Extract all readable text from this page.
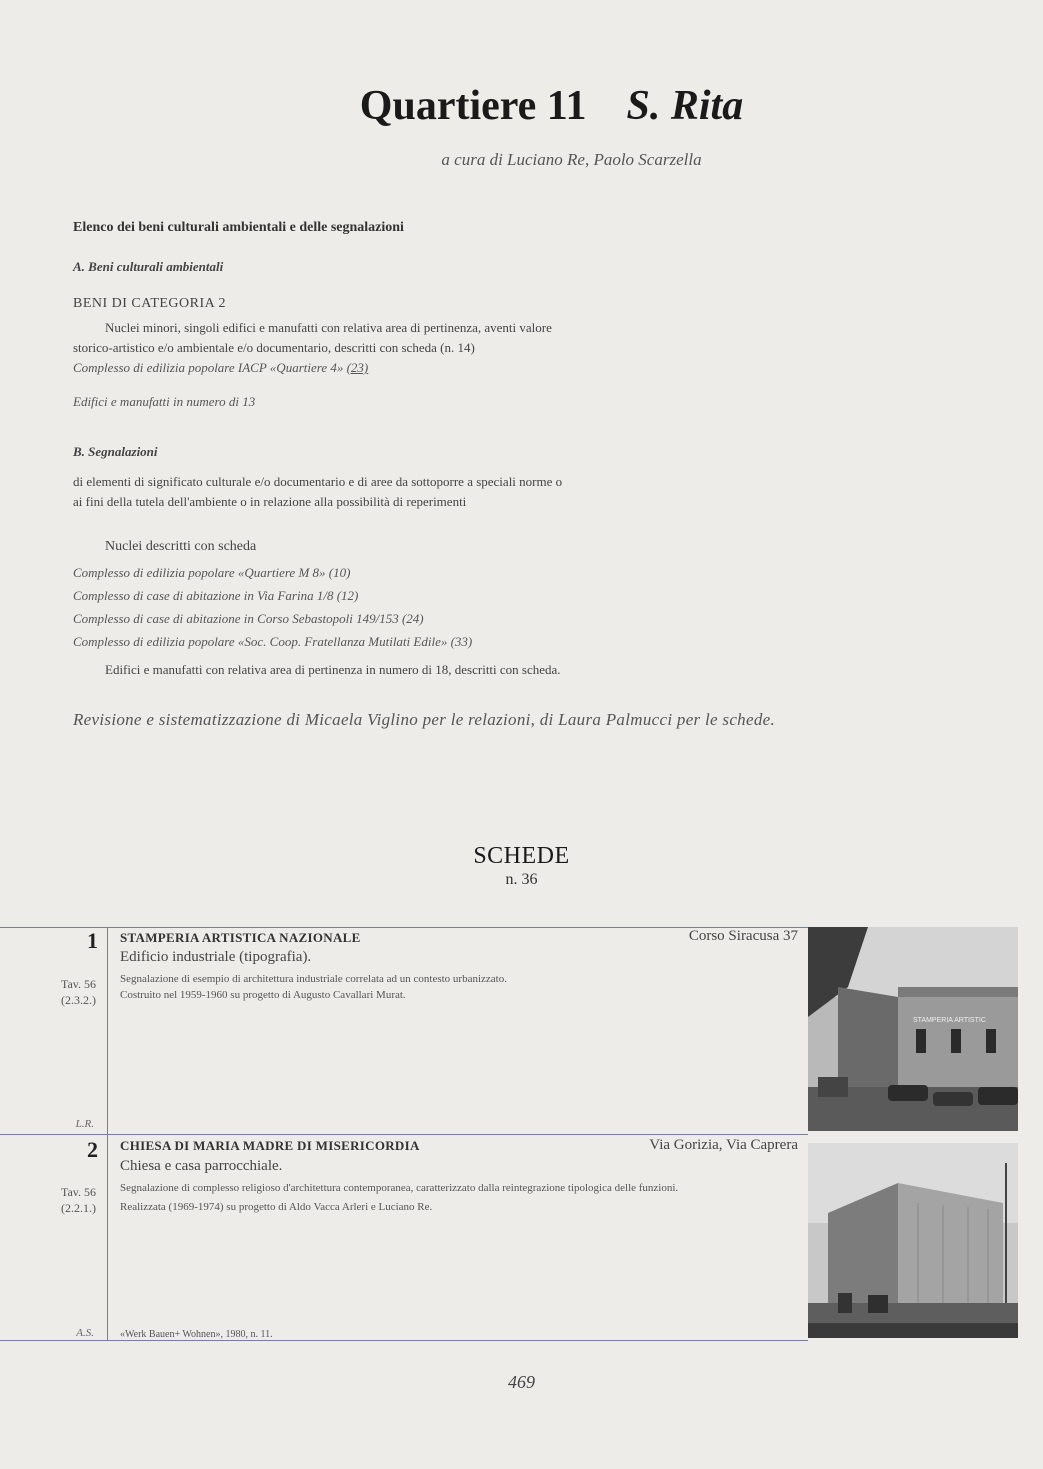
Quartiere 11 S. Rita
a cura di Luciano Re, Paolo Scarzella
Elenco dei beni culturali ambientali e delle segnalazioni
A. Beni culturali ambientali
BENI DI CATEGORIA 2
Nuclei minori, singoli edifici e manufatti con relativa area di pertinenza, aventi valore
storico-artistico e/o ambientale e/o documentario, descritti con scheda (n. 14)
Complesso di edilizia popolare IACP «Quartiere 4» (23)
Edifici e manufatti in numero di 13
B. Segnalazioni
di elementi di significato culturale e/o documentario e di aree da sottoporre a speciali norme o
ai fini della tutela dell'ambiente o in relazione alla possibilità di reperimenti
Nuclei descritti con scheda
Complesso di edilizia popolare «Quartiere M 8» (10)
Complesso di case di abitazione in Via Farina 1/8 (12)
Complesso di case di abitazione in Corso Sebastopoli 149/153 (24)
Complesso di edilizia popolare «Soc. Coop. Fratellanza Mutilati Edile» (33)
Edifici e manufatti con relativa area di pertinenza in numero di 18, descritti con scheda.
Revisione e sistematizzazione di Micaela Viglino per le relazioni, di Laura Palmucci per le schede.
SCHEDE
n. 36
1
Tav. 56
(2.3.2.)
L.R.
STAMPERIA ARTISTICA NAZIONALE	Corso Siracusa 37
Edificio industriale (tipografia).
Segnalazione di esempio di architettura industriale correlata ad un contesto urbanizzato.
Costruito nel 1959-1960 su progetto di Augusto Cavallari Murat.
STAMPERIA ARTISTIC
2
Tav. 56
(2.2.1.)
A.S.
CHIESA DI MARIA MADRE DI MISERICORDIA	Via Gorizia, Via Caprera
Chiesa e casa parrocchiale.
Segnalazione di complesso religioso d'architettura contemporanea, caratterizzato dalla reintegrazione tipologica delle funzioni.
Realizzata (1969-1974) su progetto di Aldo Vacca Arleri e Luciano Re.
«Werk Bauen+ Wohnen», 1980, n. 11.
469
